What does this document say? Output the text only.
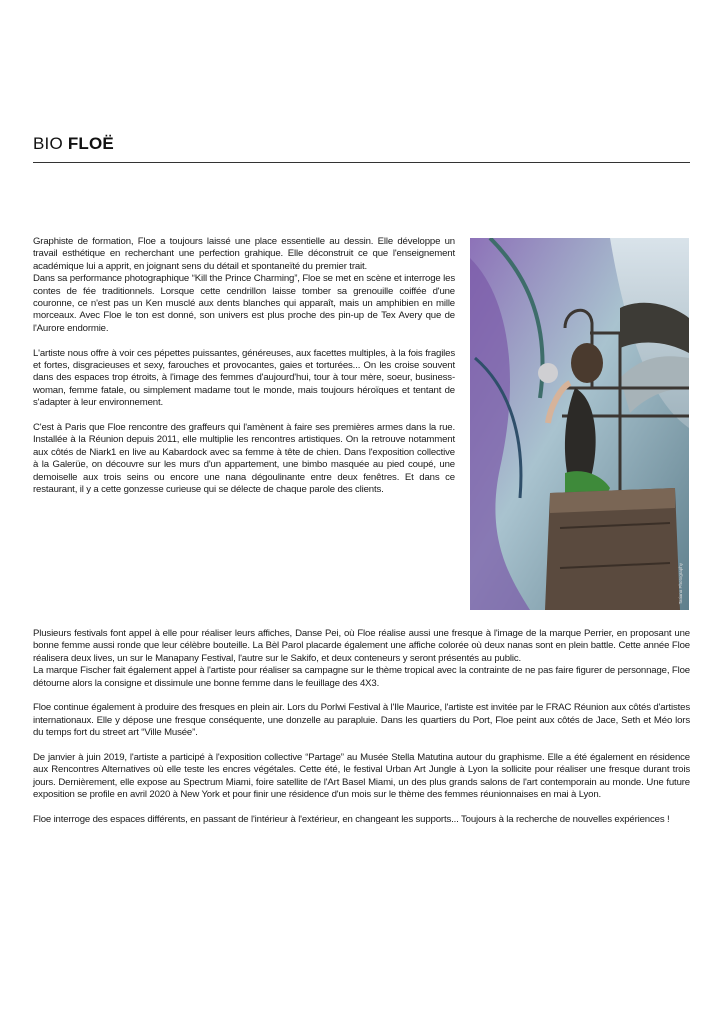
BIO FLOË

Graphiste de formation, Floe a toujours laissé une place essentielle au dessin. Elle développe un travail esthétique en recherchant une perfection grahique. Elle déconstruit ce que l'enseignement académique lui a apprit, en joignant sens du détail et spontaneïté du premier trait.

Dans sa performance photographique “Kill the Prince Charming”, Floe se met en scène et interroge les contes de fée traditionnels. Lorsque cette cendrillon laisse tomber sa grenouille coiffée d'une couronne, ce n'est pas un Ken musclé aux dents blanches qui apparaît, mais un amphibien en mille morceaux. Avec Floe le ton est donné, son univers est plus proche des pin-up de Tex Avery que de l'Aurore endormie.

L'artiste nous offre à voir ces pépettes puissantes, généreuses, aux facettes multiples, à la fois fragiles et fortes, disgracieuses et sexy, farouches et provocantes, gaies et torturées... On les croise souvent dans des espaces trop étroits, à l'image des femmes d'aujourd'hui, tour à tour mère, soeur, business-woman, femme fatale, ou simplement madame tout le monde, mais toujours héroïques et tentant de s'adapter à leur environnement.

C'est à Paris que Floe rencontre des graffeurs qui l'amènent à faire ses premières armes dans la rue. Installée à la Réunion depuis 2011, elle multiplie les rencontres artistiques. On la retrouve notamment aux côtés de Niark1 en live au Kabardock avec sa femme à tête de chien. Dans l'exposition collective à la Galerüe, on découvre sur les murs d'un appartement, une bimbo masquée au pied coupé, une demoiselle aux trois seins ou encore une nana dégoulinante entre deux fenêtres. Et dans ce restaurant, il y a cette gonzesse curieuse qui se délecte de chaque parole des clients.

Tatiana Photography

Plusieurs festivals font appel à elle pour réaliser leurs affiches, Danse Pei, où Floe réalise aussi une fresque à l'image de la marque Perrier, en proposant une bonne femme aussi ronde que leur célèbre bouteille. La Bèl Parol placarde également une affiche colorée où deux nanas sont en plein battle. Cette année Floe réalisera deux lives, un sur le Manapany Festival, l'autre sur le Sakifo, et deux conteneurs y seront présentés au public.

La marque Fischer fait également appel à l'artiste pour réaliser sa campagne sur le thème tropical avec la contrainte de ne pas faire figurer de personnage, Floe détourne alors la consigne et dissimule une bonne femme dans le feuillage des 4X3.

Floe continue également à produire des fresques en plein air. Lors du Porlwi Festival à l'Ile Maurice, l'artiste est invitée par le FRAC Réunion aux côtés d'artistes internationaux. Elle y dépose une fresque conséquente, une donzelle au parapluie. Dans les quartiers du Port, Floe peint aux côtés de Jace, Seth et Méo lors du temps fort du street art “Ville Musée”.

De janvier à juin 2019, l'artiste a participé à l'exposition collective “Partage” au Musée Stella Matutina autour du graphisme. Elle a été également en résidence aux Rencontres Alternatives où elle teste les encres végétales. Cette été, le festival Urban Art Jungle à Lyon la sollicite pour réaliser une fresque durant trois jours. Dernièrement, elle expose au Spectrum Miami, foire satellite de l'Art Basel Miami, un des plus grands salons de l'art contemporain au monde. Une future exposition se profile en avril 2020 à New York et pour finir une résidence d'un mois sur le thème des femmes réunionnaises en mai à Lyon.

Floe interroge des espaces différents, en passant de l'intérieur à l'extérieur, en changeant les supports... Toujours à la recherche de nouvelles expériences !
